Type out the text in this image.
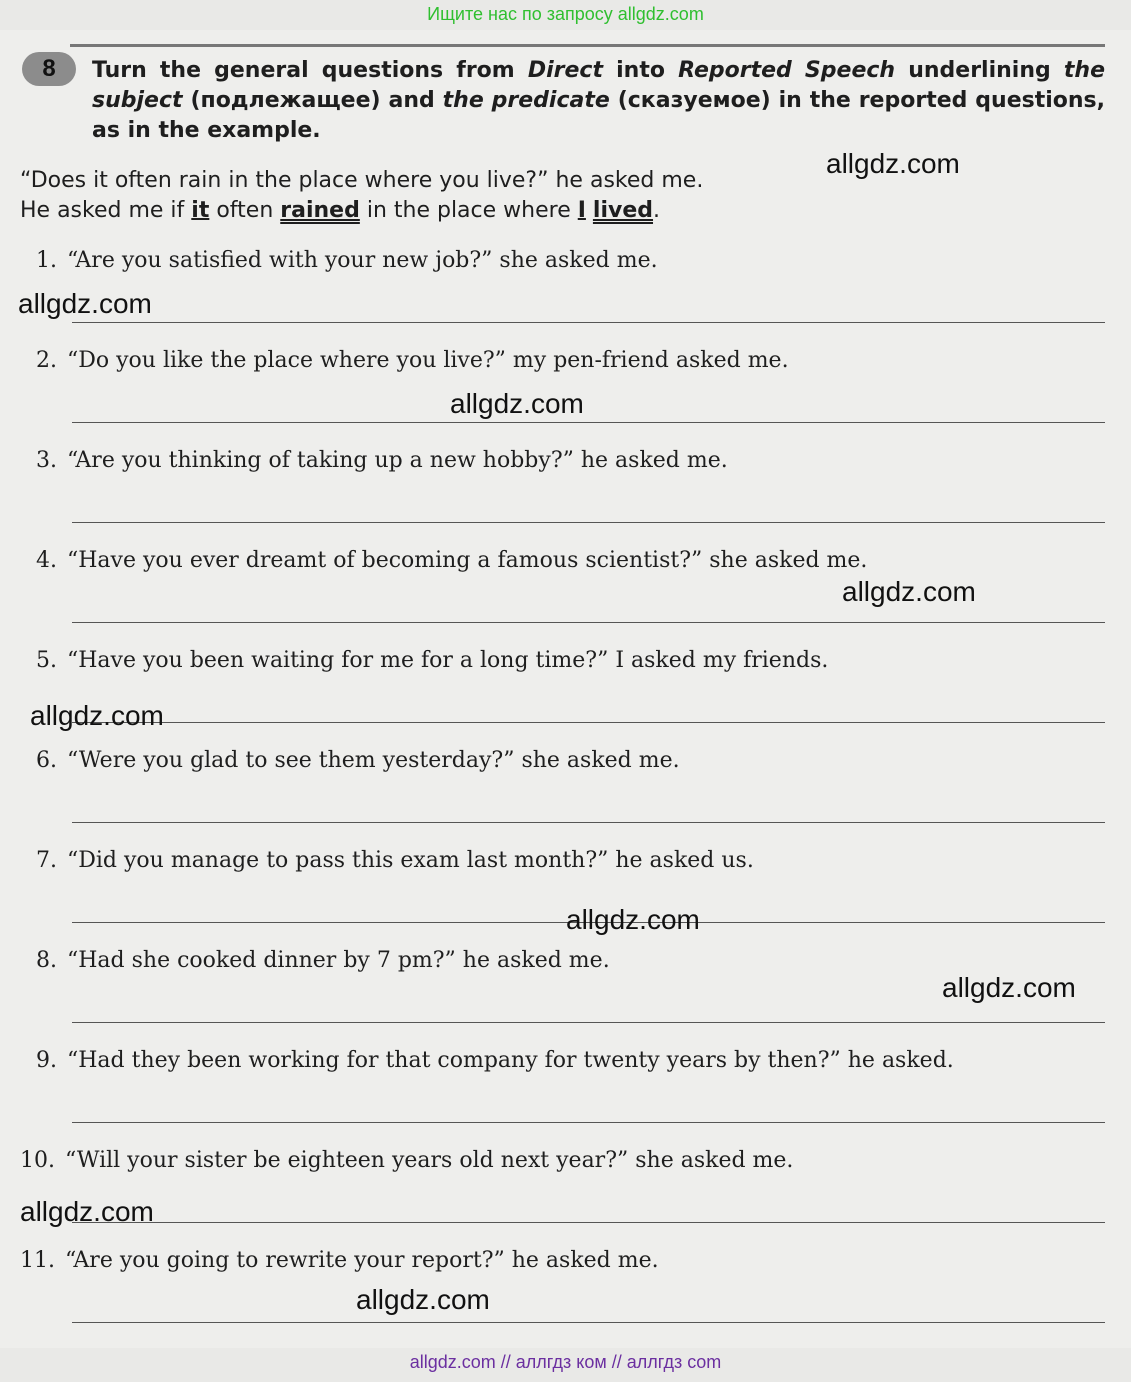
Ищите нас по запросу allgdz.com
8	Turn the general questions from Direct into Reported Speech underlining the subject (подлежащее) and the predicate (сказуемое) in the reported questions, as in the example.
“Does it often rain in the place where you live?” he asked me.
He asked me if it often rained in the place where I lived.
1. “Are you satisfied with your new job?” she asked me.
2. “Do you like the place where you live?” my pen-friend asked me.
3. “Are you thinking of taking up a new hobby?” he asked me.
4. “Have you ever dreamt of becoming a famous scientist?” she asked me.
5. “Have you been waiting for me for a long time?” I asked my friends.
6. “Were you glad to see them yesterday?” she asked me.
7. “Did you manage to pass this exam last month?” he asked us.
8. “Had she cooked dinner by 7 pm?” he asked me.
9. “Had they been working for that company for twenty years by then?” he asked.
10. “Will your sister be eighteen years old next year?” she asked me.
11. “Are you going to rewrite your report?” he asked me.
allgdz.com
allgdz.com
allgdz.com
allgdz.com
allgdz.com
allgdz.com
allgdz.com
allgdz.com
allgdz.com
allgdz.com // аллгдз ком // аллгдз com
